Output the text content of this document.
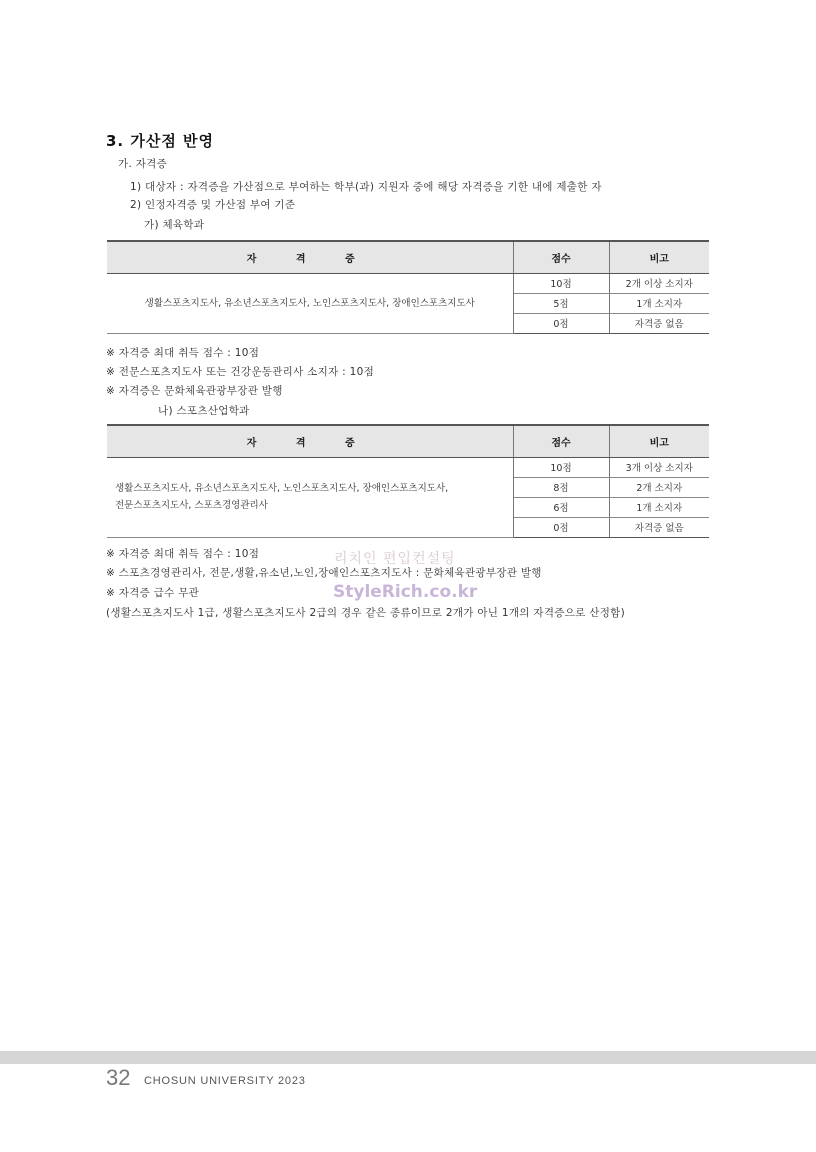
3. 가산점 반영
가. 자격증
1) 대상자 : 자격증을 가산점으로 부여하는 학부(과) 지원자 중에 해당 자격증을 기한 내에 제출한 자
2) 인정자격증 및 가산점 부여 기준
가) 체육학과
자 격 증	점수	비고
생활스포츠지도사, 유소년스포츠지도사, 노인스포츠지도사, 장애인스포츠지도사	10점	2개 이상 소지자
	5점	1개 소지자
	0점	자격증 없음
※ 자격증 최대 취득 점수 : 10점
※ 전문스포츠지도사 또는 건강운동관리사 소지자 : 10점
※ 자격증은 문화체육관광부장관 발행
나) 스포츠산업학과
자 격 증	점수	비고

생활스포츠지도사, 유소년스포츠지도사, 노인스포츠지도사, 장애인스포츠지도사,
전문스포츠지도사, 스포츠경영관리사	10점	3개 이상 소지자
	8점	2개 소지자
	6점	1개 소지자
	0점	자격증 없음
※ 자격증 최대 취득 점수 : 10점
※ 스포츠경영관리사, 전문,생활,유소년,노인,장애인스포츠지도사 : 문화체육관광부장관 발행
※ 자격증 급수 무관
(생활스포츠지도사 1급, 생활스포츠지도사 2급의 경우 같은 종류이므로 2개가 아닌 1개의 자격증으로 산정함)
리치인 편입컨설팅
StyleRich.co.kr
32 CHOSUN UNIVERSITY 2023
